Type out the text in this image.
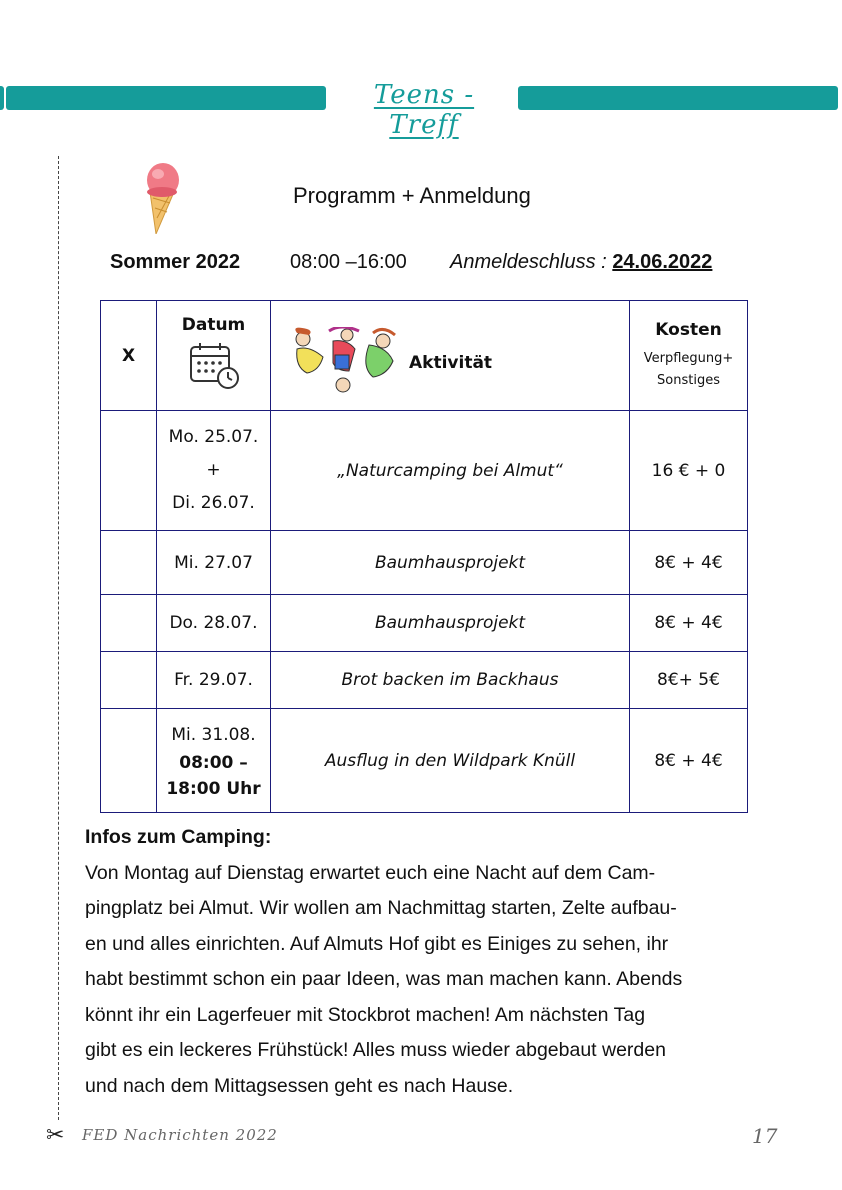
Teens - Treff
Programm + Anmeldung
Sommer 2022 08:00 –16:00 Anmeldeschluss : 24.06.2022
X	Datum	Aktivität	Kosten
Verpflegung+
Sonstiges

	Mo. 25.07.
+
Di. 26.07.	„Naturcamping bei Almut“	16 € + 0
	Mi. 27.07	Baumhausprojekt	8€ + 4€
	Do. 28.07.	Baumhausprojekt	8€ + 4€
	Fr. 29.07.	Brot backen im Backhaus	8€+ 5€

	Mi. 31.08.
08:00 –
18:00 Uhr	Ausflug in den Wildpark Knüll	8€ + 4€
Infos zum Camping:
Von Montag auf Dienstag erwartet euch eine Nacht auf dem Cam-
pingplatz bei Almut. Wir wollen am Nachmittag starten, Zelte aufbau-
en und alles einrichten. Auf Almuts Hof gibt es Einiges zu sehen, ihr
habt bestimmt schon ein paar Ideen, was man machen kann. Abends
könnt ihr ein Lagerfeuer mit Stockbrot machen! Am nächsten Tag
gibt es ein leckeres Frühstück! Alles muss wieder abgebaut werden
und nach dem Mittagsessen geht es nach Hause.
✂ FED Nachrichten 2022	17
